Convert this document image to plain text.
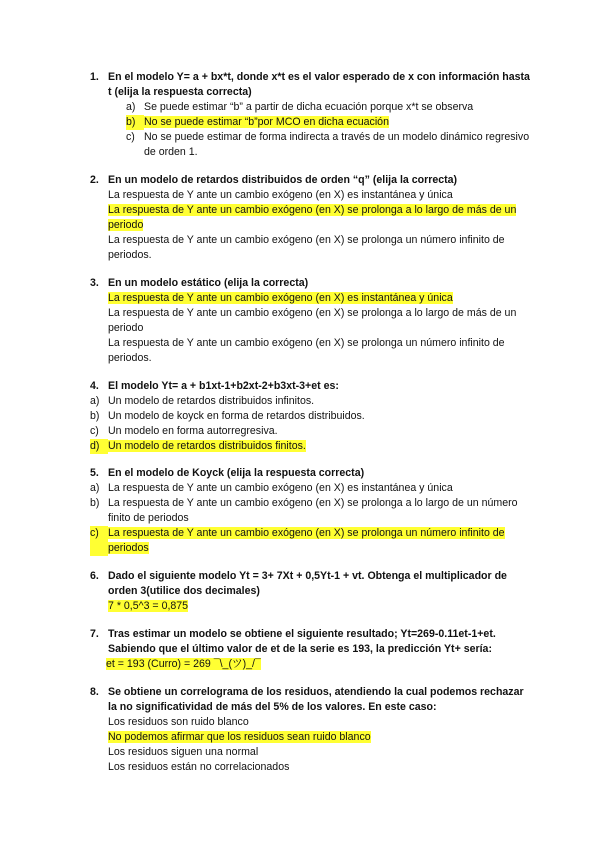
1. En el modelo Y= a + bx*t, donde x*t es el valor esperado de x con información hasta t (elija la respuesta correcta)
a) Se puede estimar “b” a partir de dicha ecuación porque x*t se observa
b) No se puede estimar “b”por MCO en dicha ecuación
c) No se puede estimar de forma indirecta a través de un modelo dinámico regresivo de orden 1.
2. En un modelo de retardos distribuidos de orden “q” (elija la correcta)
La respuesta de Y ante un cambio exógeno (en X) es instantánea y única
La respuesta de Y ante un cambio exógeno (en X) se prolonga a lo largo de más de un periodo
La respuesta de Y ante un cambio exógeno (en X) se prolonga un número infinito de periodos.
3. En un modelo estático (elija la correcta)
La respuesta de Y ante un cambio exógeno (en X) es instantánea y única
La respuesta de Y ante un cambio exógeno (en X) se prolonga a lo largo de más de un periodo
La respuesta de Y ante un cambio exógeno (en X) se prolonga un número infinito de periodos.
4. El modelo Yt= a + b1xt-1+b2xt-2+b3xt-3+et es:
a) Un modelo de retardos distribuidos infinitos.
b) Un modelo de koyck en forma de retardos distribuidos.
c) Un modelo en forma autorregresiva.
d) Un modelo de retardos distribuidos finitos.
5. En el modelo de Koyck (elija la respuesta correcta)
a) La respuesta de Y ante un cambio exógeno (en X) es instantánea y única
b) La respuesta de Y ante un cambio exógeno (en X) se prolonga a lo largo de un número finito de periodos
c) La respuesta de Y ante un cambio exógeno (en X) se prolonga un número infinito de periodos
6. Dado el siguiente modelo Yt = 3+ 7Xt + 0,5Yt-1 + vt. Obtenga el multiplicador de orden 3(utilice dos decimales)
7 * 0,5^3 = 0,875
7. Tras estimar un modelo se obtiene el siguiente resultado; Yt=269-0.11et-1+et. Sabiendo que el último valor de et de la serie es 193, la predicción Yt+ sería:
et = 193 (Curro) = 269 ¯\_(ツ)_/¯
8. Se obtiene un correlograma de los residuos, atendiendo la cual podemos rechazar la no significatividad de más del 5% de los valores. En este caso:
Los residuos son ruido blanco
No podemos afirmar que los residuos sean ruido blanco
Los residuos siguen una normal
Los residuos están no correlacionados
